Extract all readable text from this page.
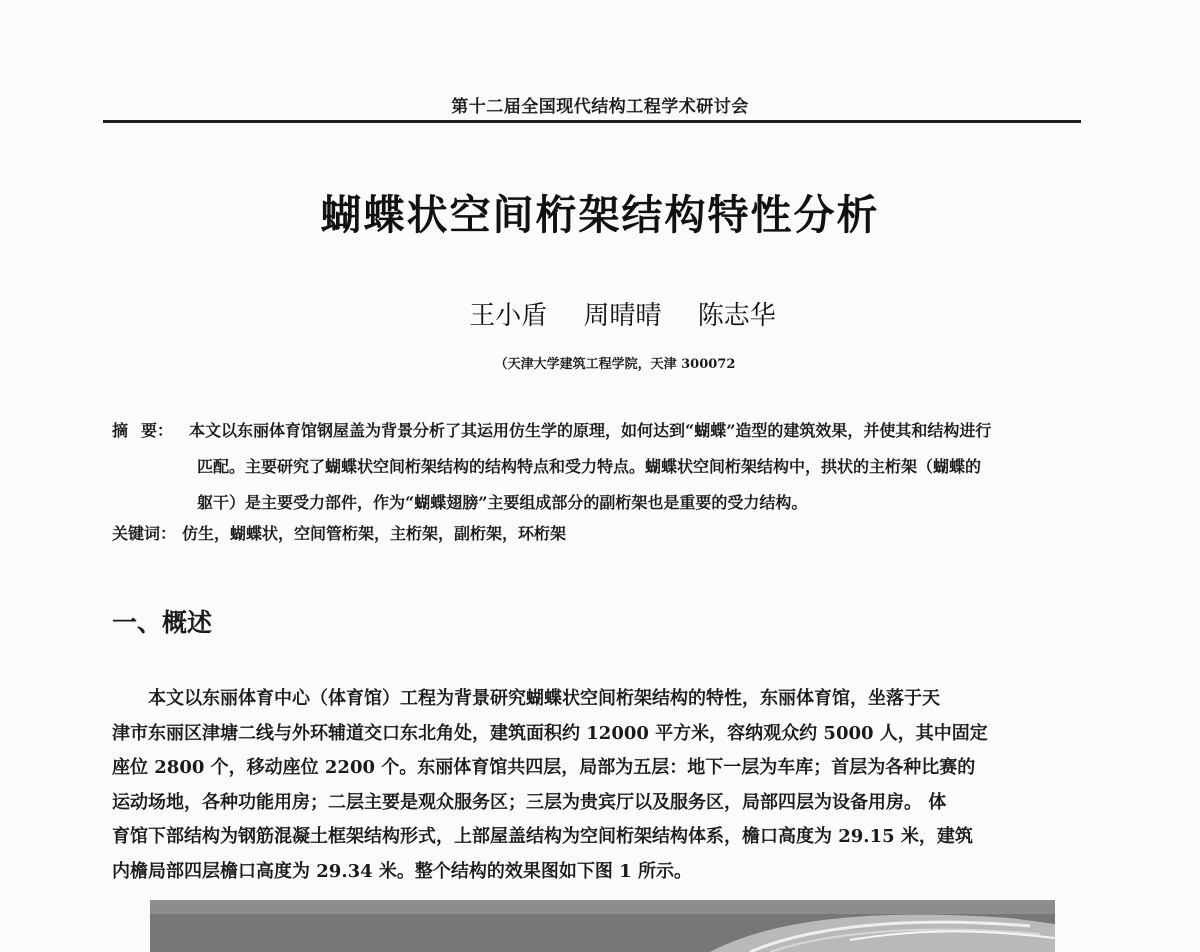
第十二届全国现代结构工程学术研讨会
蝴蝶状空间桁架结构特性分析
王小盾 周晴晴 陈志华
（天津大学建筑工程学院，天津 300072
摘 要： 本文以东丽体育馆钢屋盖为背景分析了其运用仿生学的原理，如何达到“蝴蝶”造型的建筑效果，并使其和结构进行

匹配。主要研究了蝴蝶状空间桁架结构的结构特点和受力特点。蝴蝶状空间桁架结构中，拱状的主桁架（蝴蝶的
躯干）是主要受力部件，作为“蝴蝶翅膀”主要组成部分的副桁架也是重要的受力结构。
关键词： 仿生，蝴蝶状，空间管桁架，主桁架，副桁架，环桁架
一、概述
　　本文以东丽体育中心（体育馆）工程为背景研究蝴蝶状空间桁架结构的特性，东丽体育馆，坐落于天
津市东丽区津塘二线与外环辅道交口东北角处，建筑面积约 12000 平方米，容纳观众约 5000 人，其中固定
座位 2800 个，移动座位 2200 个。东丽体育馆共四层，局部为五层：地下一层为车库；首层为各种比赛的
运动场地，各种功能用房；二层主要是观众服务区；三层为贵宾厅以及服务区，局部四层为设备用房。 体
育馆下部结构为钢筋混凝土框架结构形式，上部屋盖结构为空间桁架结构体系，檐口高度为 29.15 米，建筑
内檐局部四层檐口高度为 29.34 米。整个结构的效果图如下图 1 所示。
